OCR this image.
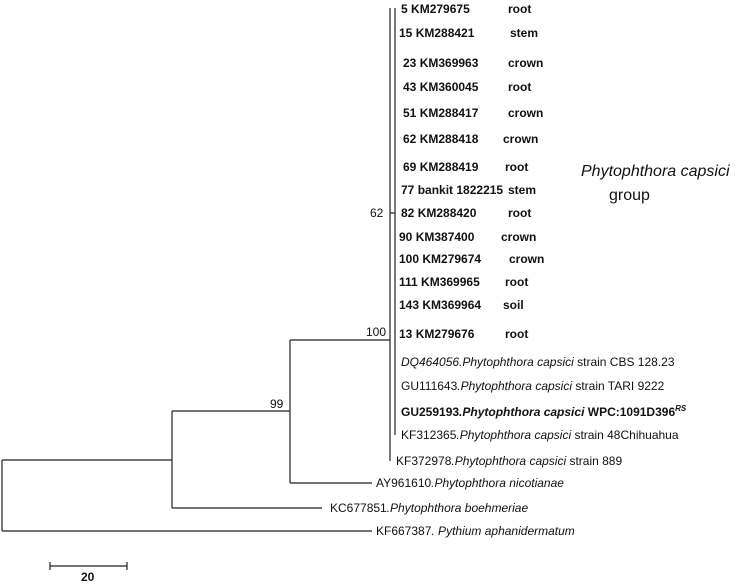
5 KM279675	root
15 KM288421	stem
23 KM369963 crown
43 KM360045 root
51 KM288417 crown
62 KM288418 crown
69 KM288419 root
77 bankit 1822215 stem
82 KM288420	root
90 KM387400 crown
100 KM279674 crown
111 KM369965 root
143 KM369964 soil
13 KM279676	root
DQ464056.Phytophthora capsici strain CBS 128.23
GU111643.Phytophthora capsici strain TARI 9222
GU259193.Phytophthora capsici $WPC:1091D396^{RS}$
KF312365.Phytophthora capsici strain 48Chihuahua
KF372978.Phytophthora capsici strain 889
AY961610.Phytophthora nicotianae
KC677851.Phytophthora boehmeriae
KF667387. Pythium aphanidermatum
62
100
99
Phytophthora capsici
group
20
